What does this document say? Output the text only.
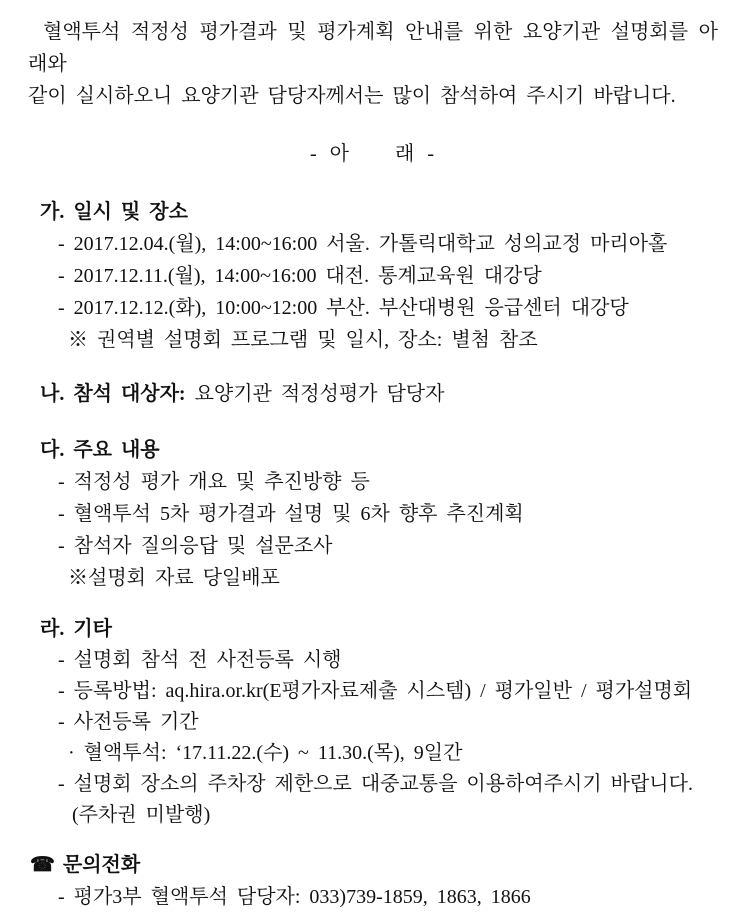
혈액투석 적정성 평가결과 및 평가계획 안내를 위한 요양기관 설명회를 아래와
같이 실시하오니 요양기관 담당자께서는 많이 참석하여 주시기 바랍니다.
- 아    래 -
가. 일시 및 장소
- 2017.12.04.(월), 14:00~16:00 서울. 가톨릭대학교 성의교정 마리아홀
- 2017.12.11.(월), 14:00~16:00 대전. 통계교육원 대강당
- 2017.12.12.(화), 10:00~12:00 부산. 부산대병원 응급센터 대강당
※ 권역별 설명회 프로그램 및 일시, 장소: 별첨 참조
나. 참석 대상자: 요양기관 적정성평가 담당자
다. 주요 내용
- 적정성 평가 개요 및 추진방향 등
- 혈액투석 5차 평가결과 설명 및 6차 향후 추진계획
- 참석자 질의응답 및 설문조사
※설명회 자료 당일배포
라. 기타
- 설명회 참석 전 사전등록 시행
- 등록방법: aq.hira.or.kr(E평가자료제출 시스템) / 평가일반 / 평가설명회
- 사전등록 기간
· 혈액투석: ‘17.11.22.(수) ~ 11.30.(목), 9일간
- 설명회 장소의 주차장 제한으로 대중교통을 이용하여주시기 바랍니다.
(주차권 미발행)
☎ 문의전화
- 평가3부 혈액투석 담당자: 033)739-1859, 1863, 1866
